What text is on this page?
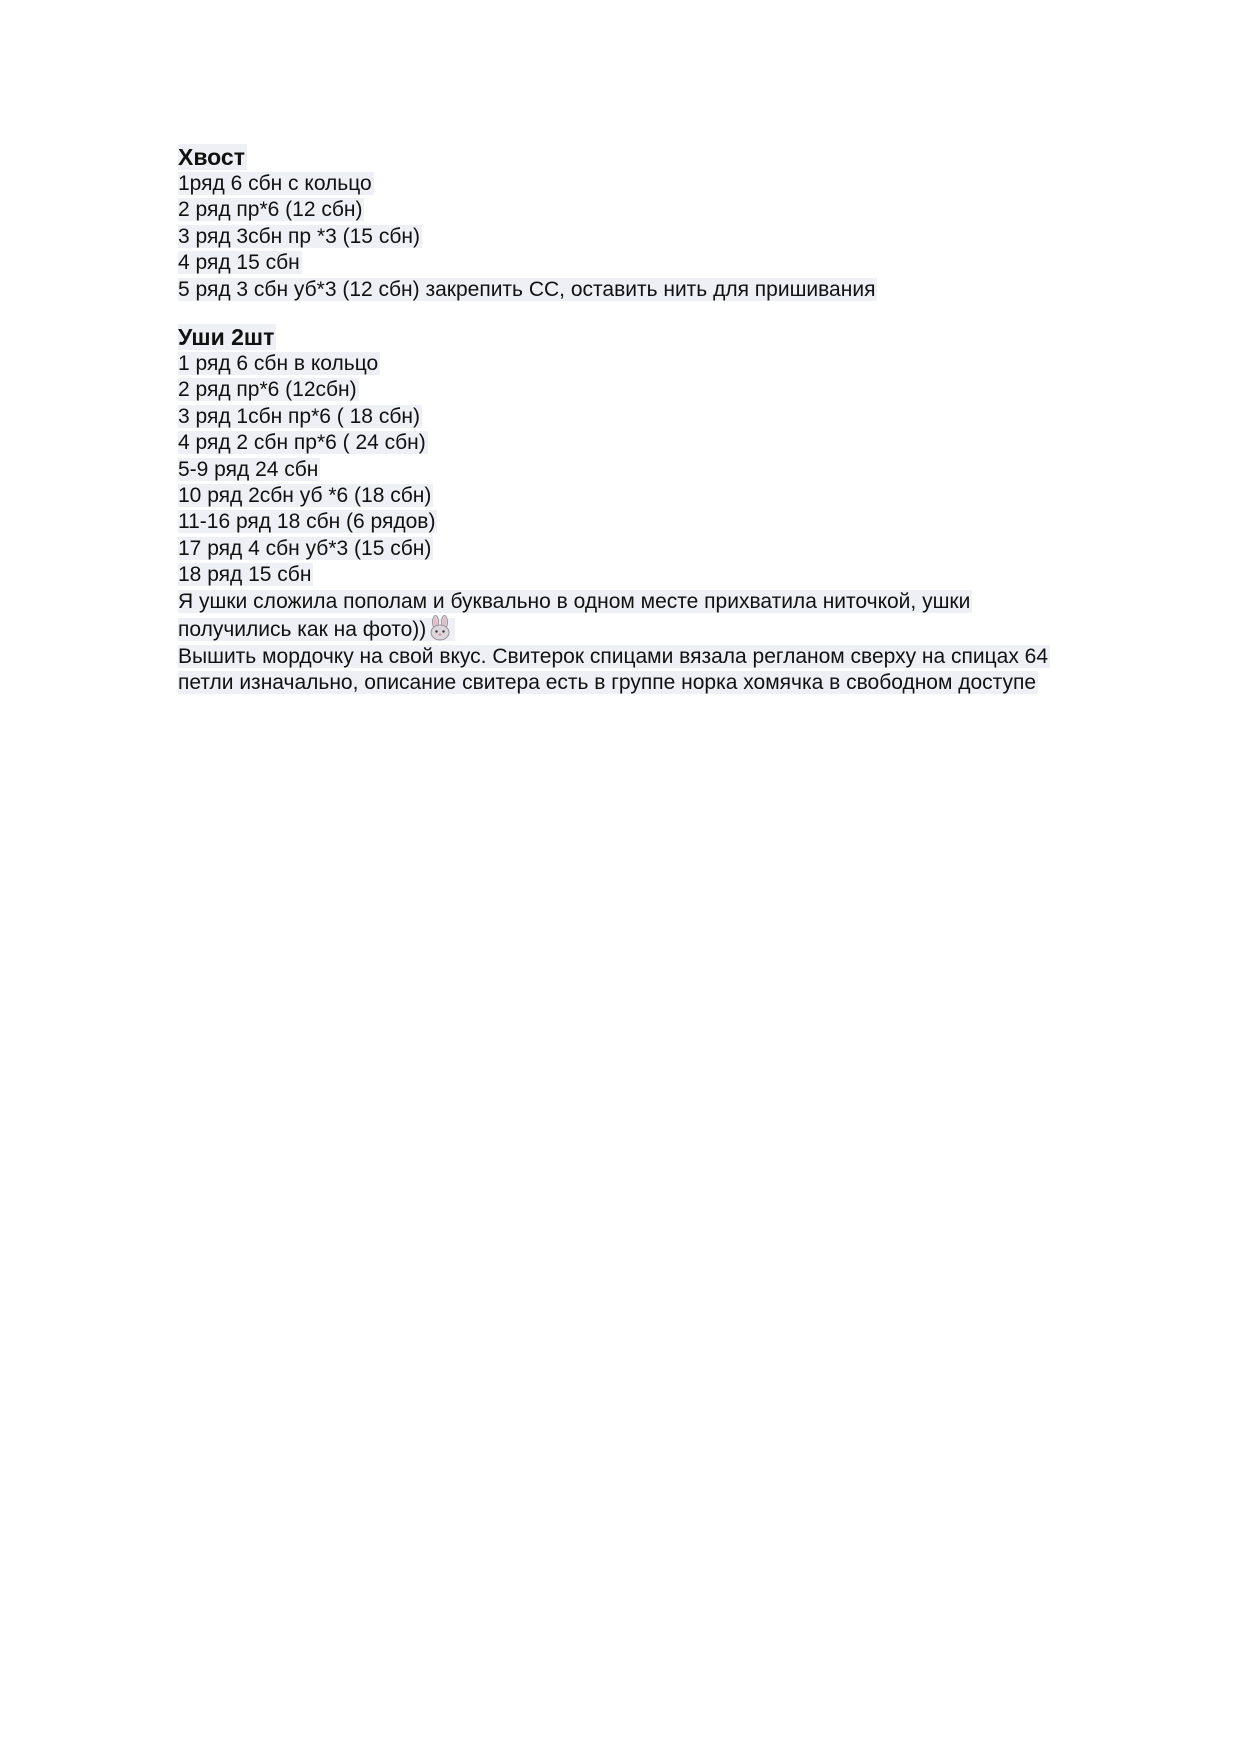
Хвост
1ряд 6 сбн с кольцо
2 ряд пр*6 (12 сбн)
3 ряд 3сбн пр *3 (15 сбн)
4 ряд 15 сбн
5 ряд 3 сбн уб*3 (12 сбн) закрепить СС, оставить нить для пришивания
Уши 2шт
1 ряд 6 сбн в кольцо
2 ряд пр*6 (12сбн)
3 ряд 1сбн пр*6 ( 18 сбн)
4 ряд 2 сбн пр*6 ( 24 сбн)
5-9 ряд 24 сбн
10 ряд 2сбн уб *6 (18 сбн)
11-16 ряд 18 сбн (6 рядов)
17 ряд 4 сбн уб*3 (15 сбн)
18 ряд 15 сбн
Я ушки сложила пополам и буквально в одном месте прихватила ниточкой, ушки
получились как на фото))
Вышить мордочку на свой вкус. Свитерок спицами вязала регланом сверху на спицах 64
петли изначально, описание свитера есть в группе норка хомячка в свободном доступе
